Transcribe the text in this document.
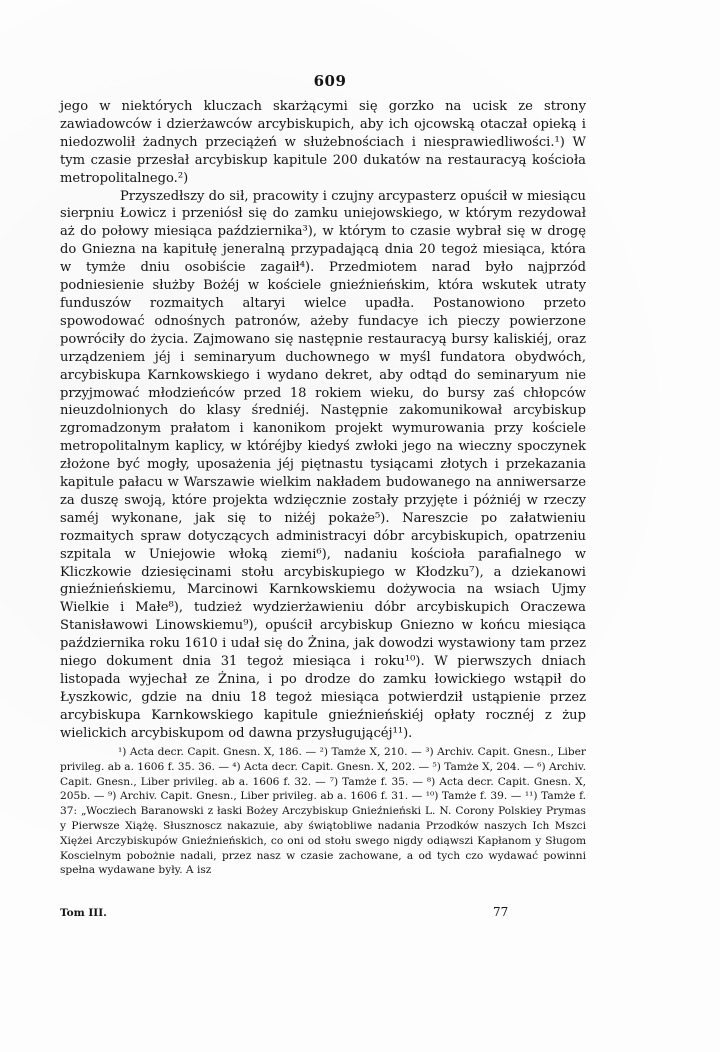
609

jego w niektórych kluczach skarżącymi się gorzko na ucisk ze strony zawiadowców i dzierżawców arcybiskupich, aby ich ojcowską otaczał opieką i niedozwolił żadnych przeciążeń w służebnościach i niesprawiedliwości.¹) W tym czasie przesłał arcybiskup kapitule 200 dukatów na restauracyą kościoła metropolitalnego.²)

Przyszedłszy do sił, pracowity i czujny arcypasterz opuścił w miesiącu sierpniu Łowicz i przeniósł się do zamku uniejowskiego, w którym rezydował aż do połowy miesiąca października³), w którym to czasie wybrał się w drogę do Gniezna na kapitułę jeneralną przypadającą dnia 20 tegoż miesiąca, która w tymże dniu osobiście zagaił⁴). Przedmiotem narad było najprzód podniesienie służby Bożéj w kościele gnieźnieńskim, która wskutek utraty funduszów rozmaitych altaryi wielce upadła. Postanowiono przeto spowodować odnośnych patronów, ażeby fundacye ich pieczy powierzone powróciły do życia. Zajmowano się następnie restauracyą bursy kaliskiéj, oraz urządzeniem jéj i seminaryum duchownego w myśl fundatora obydwóch, arcybiskupa Karnkowskiego i wydano dekret, aby odtąd do seminaryum nie przyjmować młodzieńców przed 18 rokiem wieku, do bursy zaś chłopców nieuzdolnionych do klasy średniéj. Następnie zakomunikował arcybiskup zgromadzonym prałatom i kanonikom projekt wymurowania przy kościele metropolitalnym kaplicy, w któréjby kiedyś zwłoki jego na wieczny spoczynek złożone być mogły, uposażenia jéj piętnastu tysiącami złotych i przekazania kapitule pałacu w Warszawie wielkim nakładem budowanego na anniwersarze za duszę swoją, które projekta wdzięcznie zostały przyjęte i póżniéj w rzeczy saméj wykonane, jak się to niżéj pokaże⁵). Nareszcie po załatwieniu rozmaitych spraw dotyczących administracyi dóbr arcybiskupich, opatrzeniu szpitala w Uniejowie włoką ziemi⁶), nadaniu kościoła parafialnego w Kliczkowie dziesięcinami stołu arcybiskupiego w Kłodzku⁷), a dziekanowi gnieźnieńskiemu, Marcinowi Karnkowskiemu dożywocia na wsiach Ujmy Wielkie i Małe⁸), tudzież wydzierżawieniu dóbr arcybiskupich Oraczewa Stanisławowi Linowskiemu⁹), opuścił arcybiskup Gniezno w końcu miesiąca października roku 1610 i udał się do Żnina, jak dowodzi wystawiony tam przez niego dokument dnia 31 tegoż miesiąca i roku¹⁰). W pierwszych dniach listopada wyjechał ze Żnina, i po drodze do zamku łowickiego wstąpił do Łyszkowic, gdzie na dniu 18 tegoż miesiąca potwierdził ustąpienie przez arcybiskupa Karnkowskiego kapitule gnieźnieńskiéj opłaty rocznéj z żup wielickich arcybiskupom od dawna przysługującéj¹¹).

¹) Acta decr. Capit. Gnesn. X, 186. — ²) Tamże X, 210. — ³) Archiv. Capit. Gnesn., Liber privileg. ab a. 1606 f. 35. 36. — ⁴) Acta decr. Capit. Gnesn. X, 202. — ⁵) Tamże X, 204. — ⁶) Archiv. Capit. Gnesn., Liber privileg. ab a. 1606 f. 32. — ⁷) Tamże f. 35. — ⁸) Acta decr. Capit. Gnesn. X, 205b. — ⁹) Archiv. Capit. Gnesn., Liber privileg. ab a. 1606 f. 31. — ¹⁰) Tamże f. 39. — ¹¹) Tamże f. 37: „Wocziech Baranowski z łaski Bożey Arczybiskup Gnieźnieński L. N. Corony Polskiey Prymas y Pierwsze Xiążę. Słusznoscz nakazuie, aby świątobliwe nadania Przodków naszych Ich Mszci Xiężei Arczybiskupów Gnieźnieńskich, co oni od stołu swego nigdy odiąwszi Kapłanom y Sługom Koscielnym pobożnie nadali, przez nasz w czasie zachowane, a od tych czo wydawać powinni spełna wydawane były. A isz

Tom III.	77
